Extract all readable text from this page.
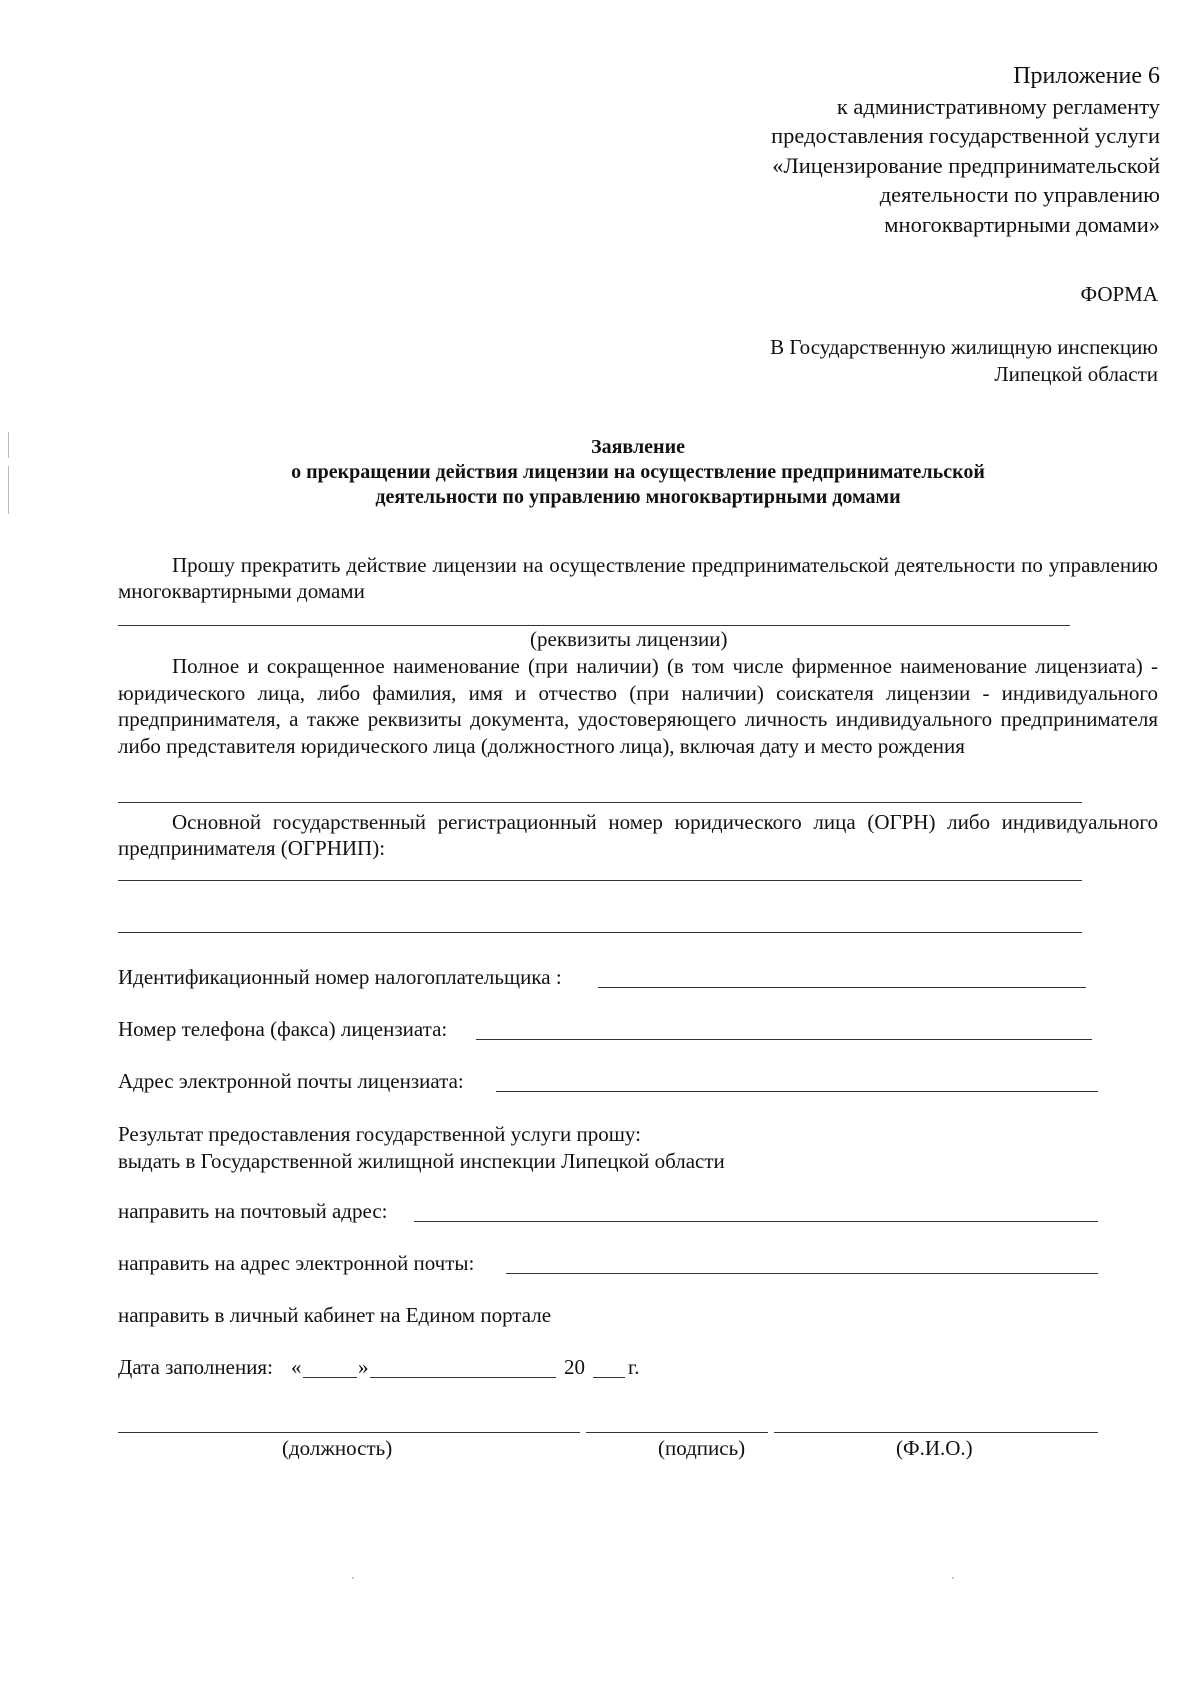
Приложение 6
к административному регламенту
предоставления государственной услуги
«Лицензирование предпринимательской
деятельности по управлению
многоквартирными домами»
ФОРМА
В Государственную жилищную инспекцию
Липецкой области
Заявление
о прекращении действия лицензии на осуществление предпринимательской
деятельности по управлению многоквартирными домами
Прошу прекратить действие лицензии на осуществление предпринимательской деятельности по управлению многоквартирными домами
(реквизиты лицензии)
Полное и сокращенное наименование (при наличии) (в том числе фирменное наименование лицензиата) - юридического лица, либо фамилия, имя и отчество (при наличии) соискателя лицензии - индивидуального предпринимателя, а также реквизиты документа, удостоверяющего личность индивидуального предпринимателя либо представителя юридического лица (должностного лица), включая дату и место рождения
Основной государственный регистрационный номер юридического лица (ОГРН) либо индивидуального предпринимателя (ОГРНИП):
Идентификационный номер налогоплательщика :
Номер телефона (факса) лицензиата:
Адрес электронной почты лицензиата:
Результат предоставления государственной услуги прошу:
выдать в Государственной жилищной инспекции Липецкой области
направить на почтовый адрес:
направить на адрес электронной почты:
направить в личный кабинет на Едином портале
Дата заполнения: «	»	20 г.
(должность)	(подпись)	(Ф.И.О.)
